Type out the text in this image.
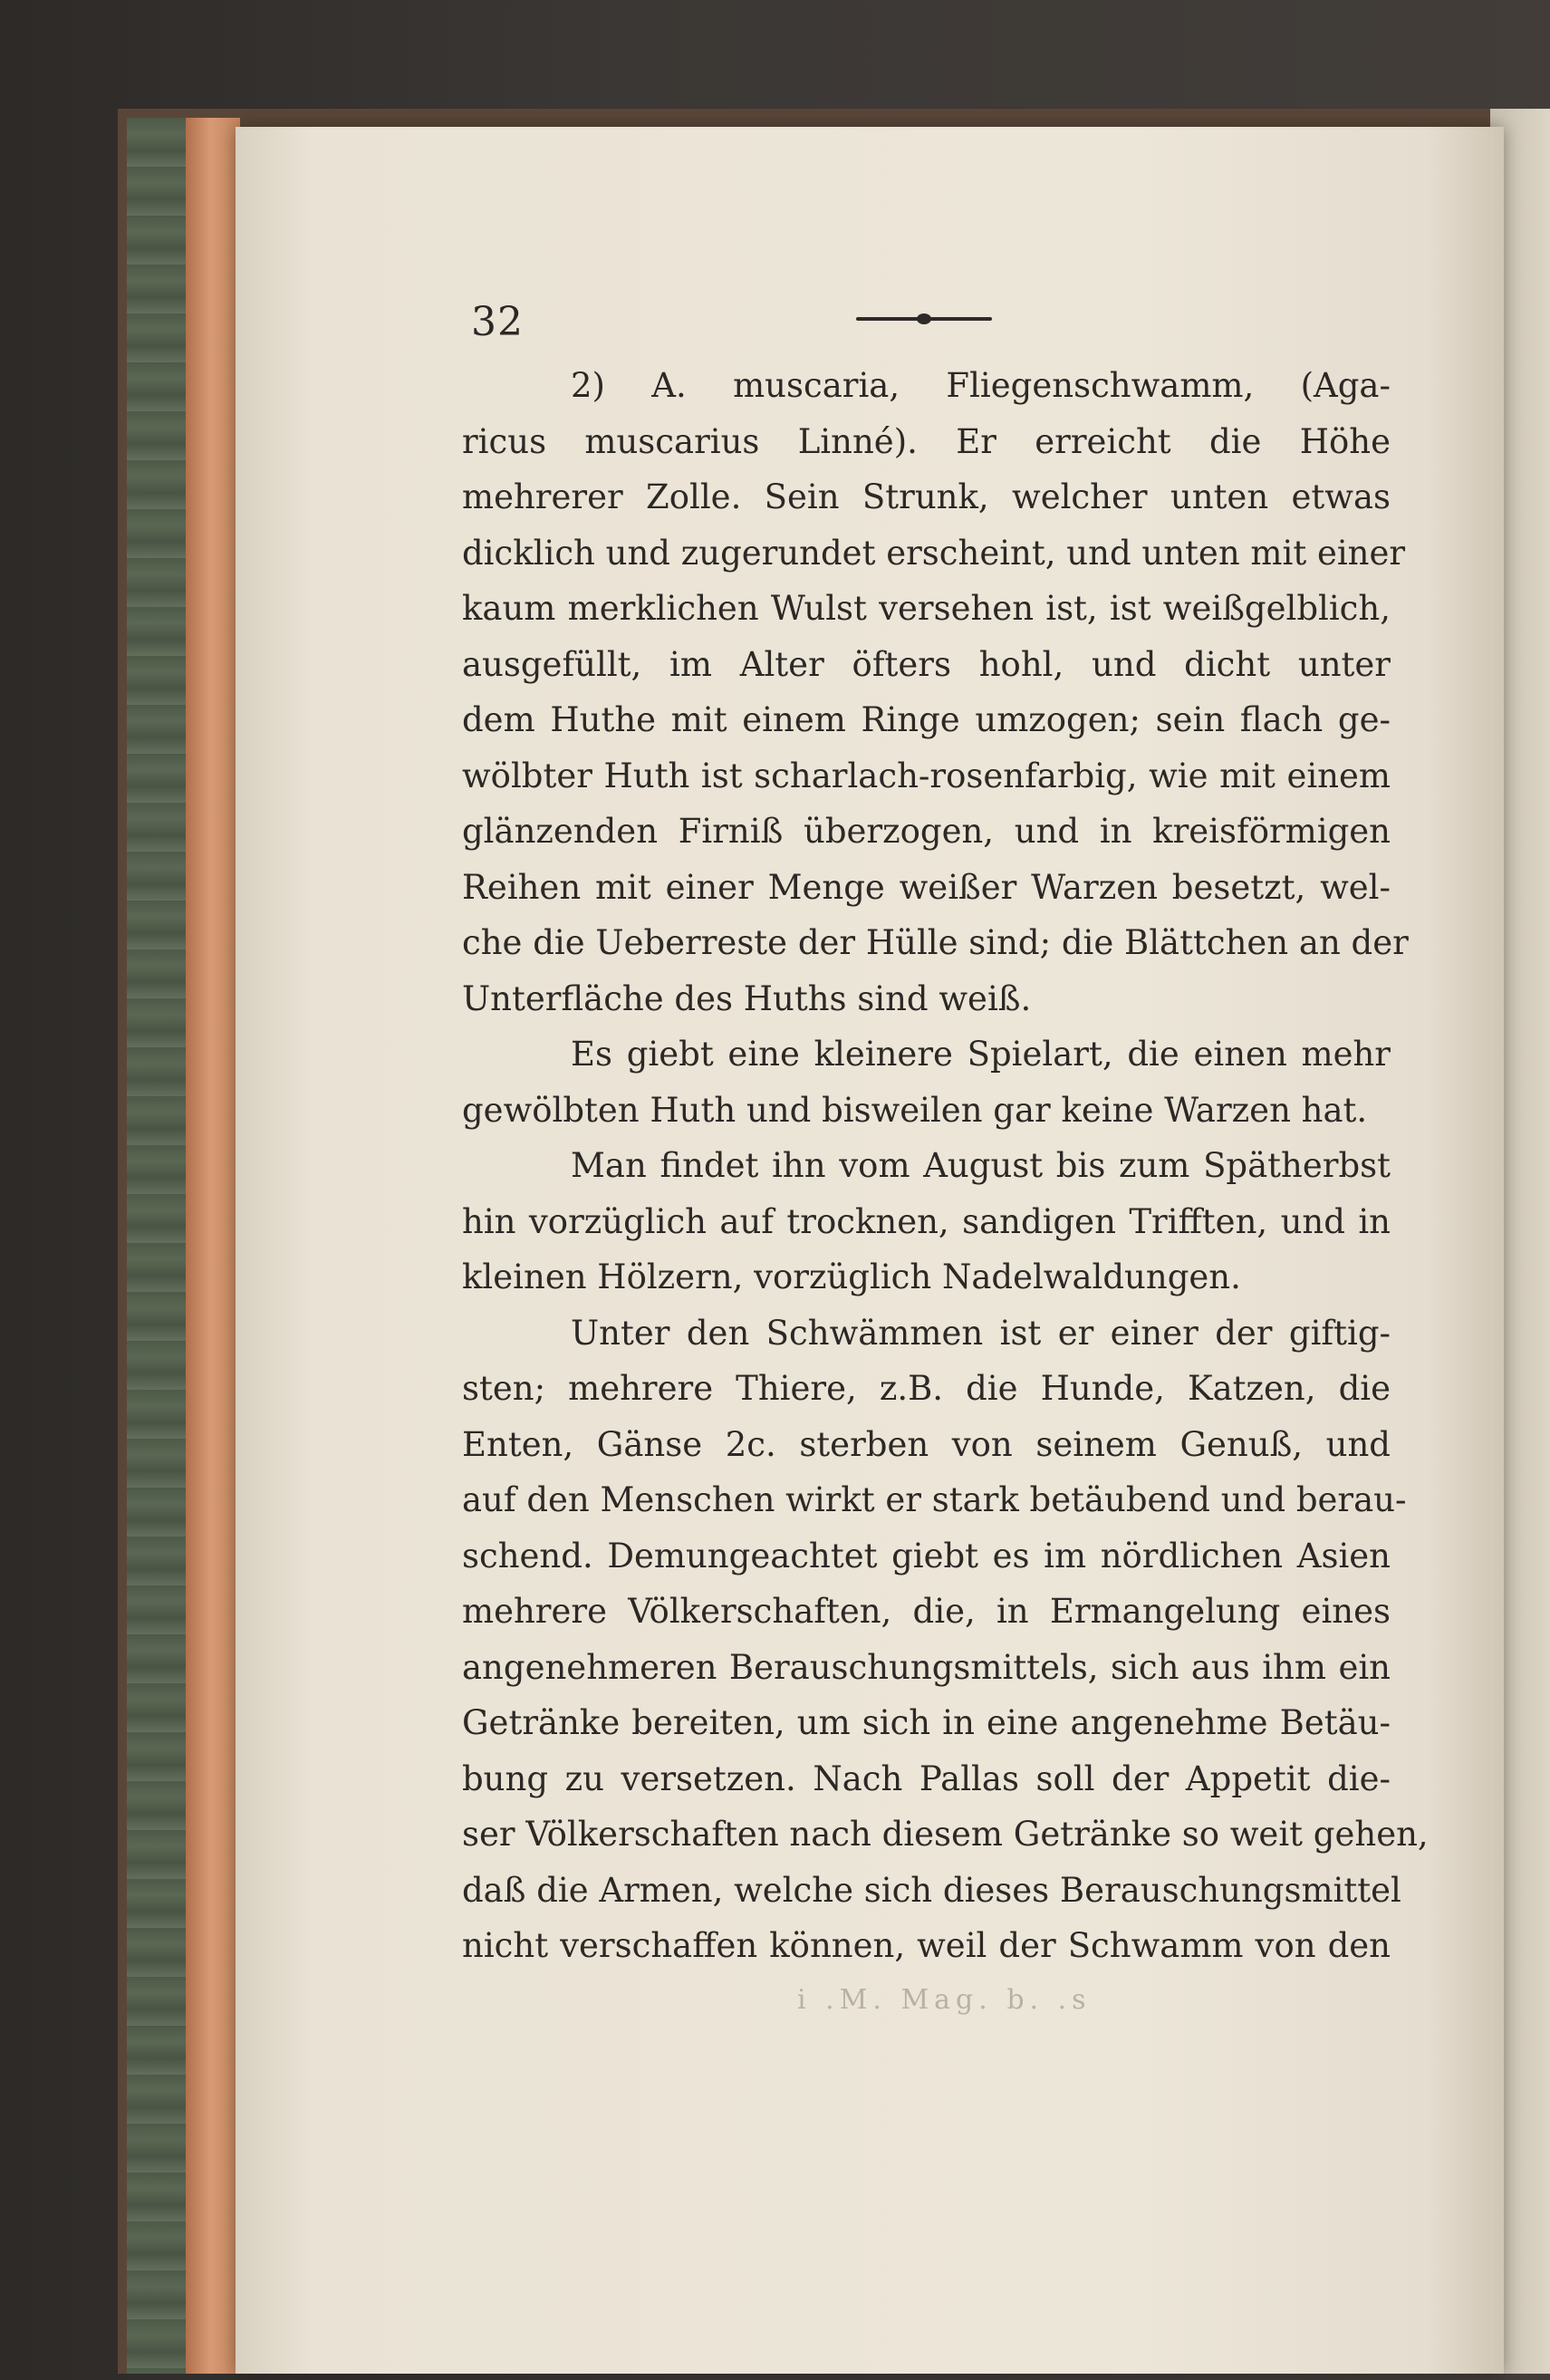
32
2) A. muscaria, Fliegenschwamm, (Aga-
ricus muscarius Linné). Er erreicht die Höhe
mehrerer Zolle. Sein Strunk, welcher unten etwas
dicklich und zugerundet erscheint, und unten mit einer
kaum merklichen Wulst versehen ist, ist weißgelblich,
ausgefüllt, im Alter öfters hohl, und dicht unter
dem Huthe mit einem Ringe umzogen; sein flach ge-
wölbter Huth ist scharlach-rosenfarbig, wie mit einem
glänzenden Firniß überzogen, und in kreisförmigen
Reihen mit einer Menge weißer Warzen besetzt, wel-
che die Ueberreste der Hülle sind; die Blättchen an der
Unterfläche des Huths sind weiß.
Es giebt eine kleinere Spielart, die einen mehr
gewölbten Huth und bisweilen gar keine Warzen hat.
Man findet ihn vom August bis zum Spätherbst
hin vorzüglich auf trocknen, sandigen Trifften, und in
kleinen Hölzern, vorzüglich Nadelwaldungen.
Unter den Schwämmen ist er einer der giftig-
sten; mehrere Thiere, z.B. die Hunde, Katzen, die
Enten, Gänse 2c. sterben von seinem Genuß, und
auf den Menschen wirkt er stark betäubend und berau-
schend. Demungeachtet giebt es im nördlichen Asien
mehrere Völkerschaften, die, in Ermangelung eines
angenehmeren Berauschungsmittels, sich aus ihm ein
Getränke bereiten, um sich in eine angenehme Betäu-
bung zu versetzen. Nach Pallas soll der Appetit die-
ser Völkerschaften nach diesem Getränke so weit gehen,
daß die Armen, welche sich dieses Berauschungsmittel
nicht verschaffen können, weil der Schwamm von den
i .M. Mag. b. .s
